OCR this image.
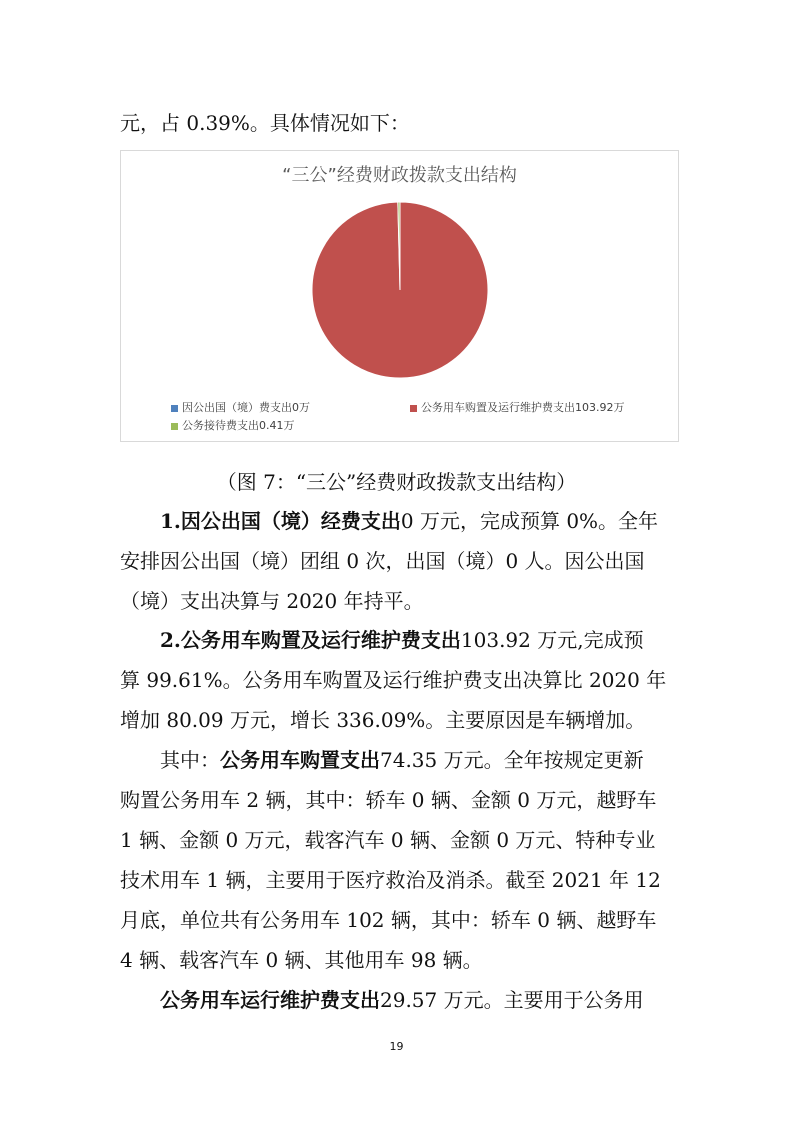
元，占 0.39%。具体情况如下：
“三公”经费财政拨款支出结构
因公出国（境）费支出0万	公务用车购置及运行维护费支出103.92万
公务接待费支出0.41万
（图 7：“三公”经费财政拨款支出结构）
1.因公出国（境）经费支出0 万元，完成预算 0%。全年
安排因公出国（境）团组 0 次，出国（境）0 人。因公出国
（境）支出决算与 2020 年持平。
2.公务用车购置及运行维护费支出103.92 万元,完成预
算 99.61%。公务用车购置及运行维护费支出决算比 2020 年
增加 80.09 万元，增长 336.09%。主要原因是车辆增加。
其中：公务用车购置支出74.35 万元。全年按规定更新
购置公务用车 2 辆，其中：轿车 0 辆、金额 0 万元，越野车
1 辆、金额 0 万元，载客汽车 0 辆、金额 0 万元、特种专业
技术用车 1 辆，主要用于医疗救治及消杀。截至 2021 年 12
月底，单位共有公务用车 102 辆，其中：轿车 0 辆、越野车
4 辆、载客汽车 0 辆、其他用车 98 辆。
公务用车运行维护费支出29.57 万元。主要用于公务用
19
